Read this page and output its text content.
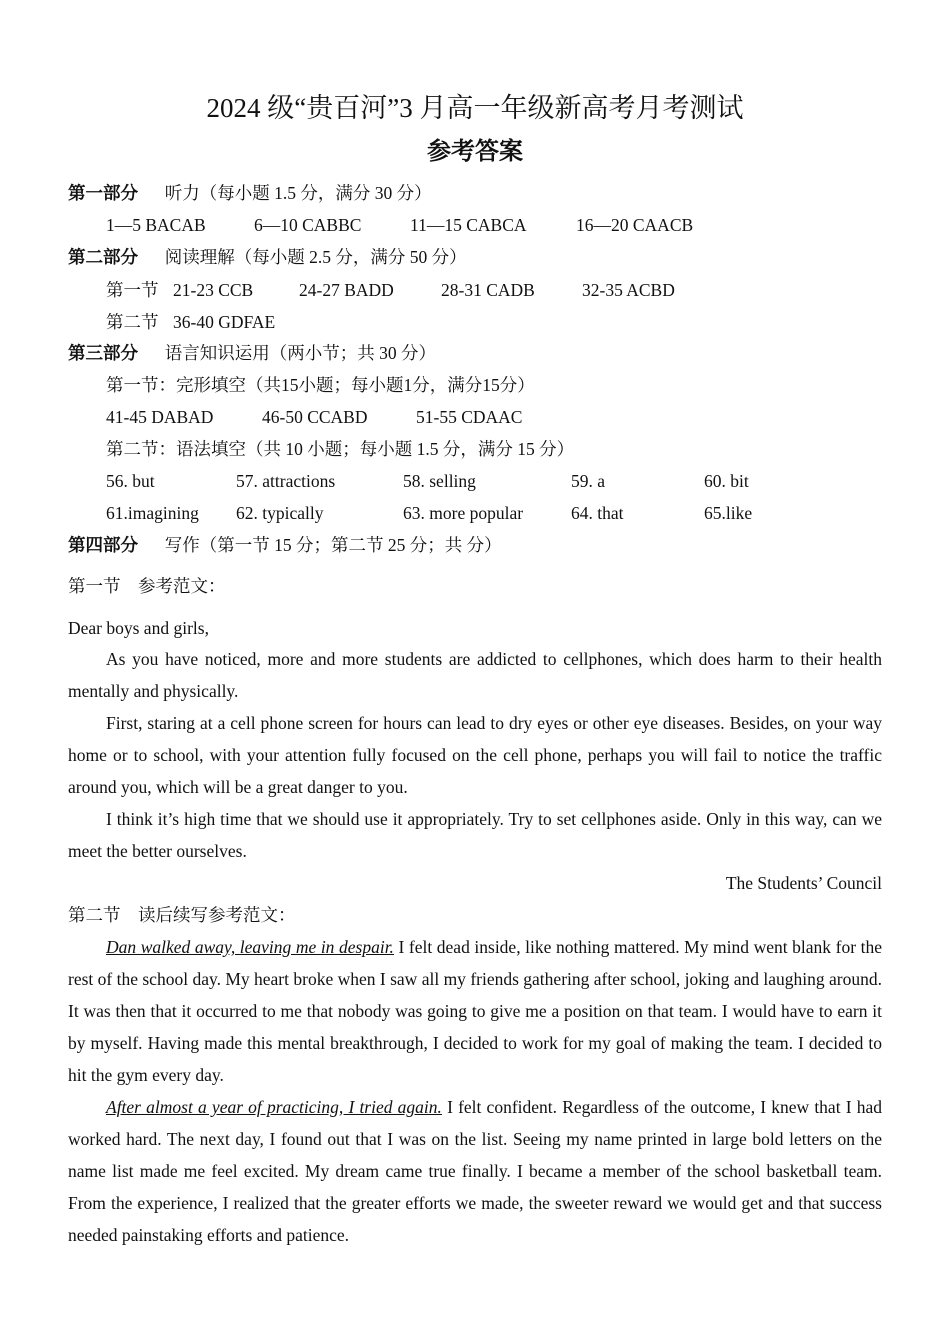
2024 级“贵百河”3 月高一年级新高考月考测试
参考答案
第一部分 听力（每小题 1.5 分，满分 30 分）
1—5 BACAB	6—10 CABBC	11—15 CABCA	16—20 CAACB
第二部分 阅读理解（每小题 2.5 分，满分 50 分）
第一节 21-23 CCB	24-27 BADD	28-31 CADB	32-35 ACBD
第二节 36-40 GDFAE
第三部分 语言知识运用（两小节；共 30 分）
第一节：完形填空（共15小题；每小题1分，满分15分）
41-45 DABAD	46-50 CCABD	51-55 CDAAC
第二节：语法填空（共 10 小题；每小题 1.5 分，满分 15 分）
56. but	57. attractions	58. selling	59. a	60. bit
61.imagining 62. typically	63. more popular	64. that	65.like
第四部分 写作（第一节 15 分；第二节 25 分；共 分）
第一节　参考范文：
Dear boys and girls,
As you have noticed, more and more students are addicted to cellphones, which does harm to their health mentally and physically.
First, staring at a cell phone screen for hours can lead to dry eyes or other eye diseases. Besides, on your way home or to school, with your attention fully focused on the cell phone, perhaps you will fail to notice the traffic around you, which will be a great danger to you.
I think it’s high time that we should use it appropriately. Try to set cellphones aside. Only in this way, can we meet the better ourselves.
The Students’ Council
第二节　读后续写参考范文：
Dan walked away, leaving me in despair. I felt dead inside, like nothing mattered. My mind went blank for the rest of the school day. My heart broke when I saw all my friends gathering after school, joking and laughing around. It was then that it occurred to me that nobody was going to give me a position on that team. I would have to earn it by myself. Having made this mental breakthrough, I decided to work for my goal of making the team. I decided to hit the gym every day.
After almost a year of practicing, I tried again. I felt confident. Regardless of the outcome, I knew that I had worked hard. The next day, I found out that I was on the list. Seeing my name printed in large bold letters on the name list made me feel excited. My dream came true finally. I became a member of the school basketball team. From the experience, I realized that the greater efforts we made, the sweeter reward we would get and that success needed painstaking efforts and patience.
